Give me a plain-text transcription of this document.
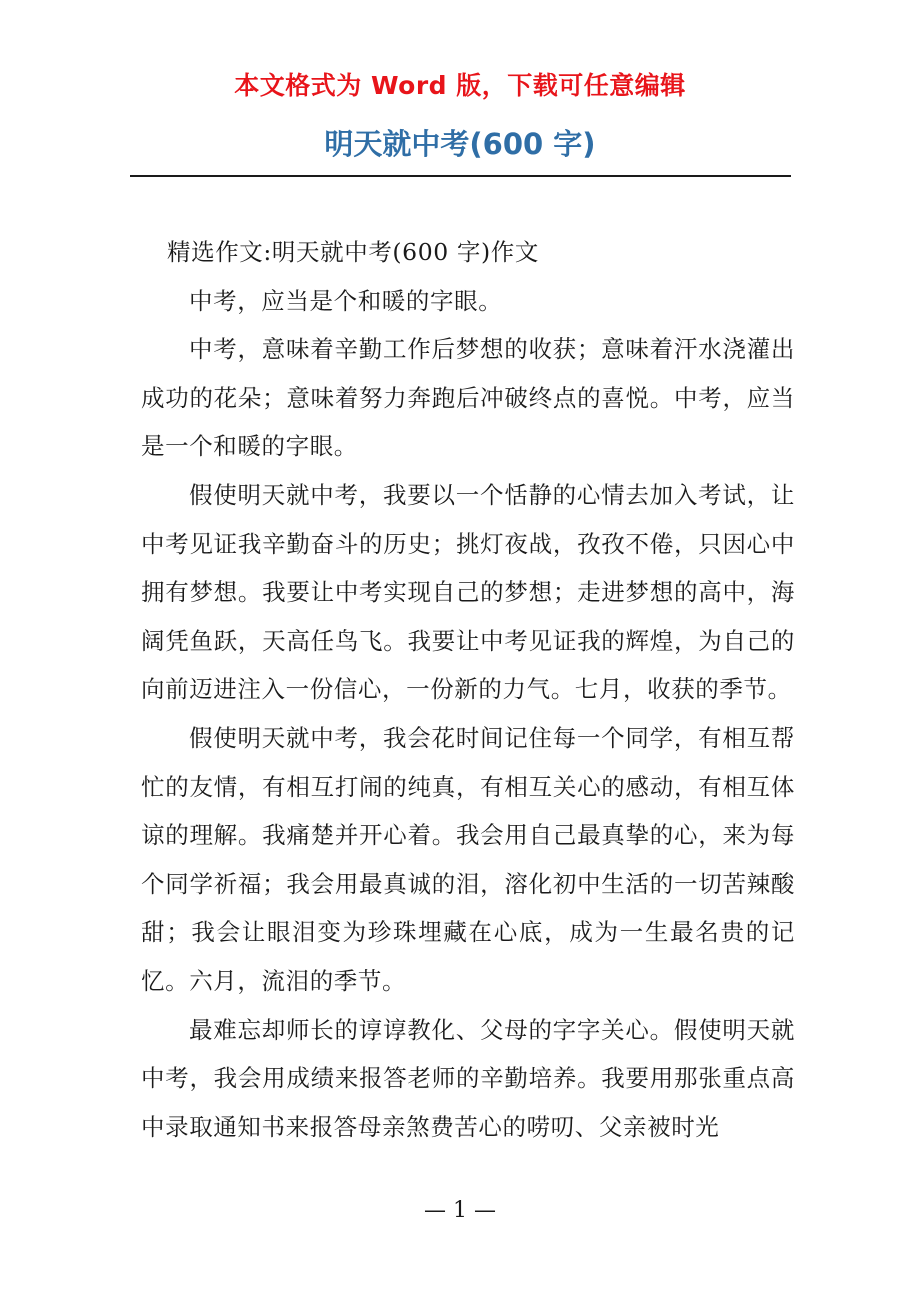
本文格式为 Word 版，下载可任意编辑
明天就中考(600 字)

精选作文:明天就中考(600 字)作文

中考，应当是个和暖的字眼。

中考，意味着辛勤工作后梦想的收获；意味着汗水浇灌出成功的花朵；意味着努力奔跑后冲破终点的喜悦。中考，应当是一个和暖的字眼。

假使明天就中考，我要以一个恬静的心情去加入考试，让中考见证我辛勤奋斗的历史；挑灯夜战，孜孜不倦，只因心中拥有梦想。我要让中考实现自己的梦想；走进梦想的高中，海阔凭鱼跃，天高任鸟飞。我要让中考见证我的辉煌，为自己的向前迈进注入一份信心，一份新的力气。七月，收获的季节。

假使明天就中考，我会花时间记住每一个同学，有相互帮忙的友情，有相互打闹的纯真，有相互关心的感动，有相互体谅的理解。我痛楚并开心着。我会用自己最真挚的心，来为每个同学祈福；我会用最真诚的泪，溶化初中生活的一切苦辣酸甜；我会让眼泪变为珍珠埋藏在心底，成为一生最名贵的记忆。六月，流泪的季节。

最难忘却师长的谆谆教化、父母的字字关心。假使明天就中考，我会用成绩来报答老师的辛勤培养。我要用那张重点高中录取通知书来报答母亲煞费苦心的唠叨、父亲被时光

— 1 —
